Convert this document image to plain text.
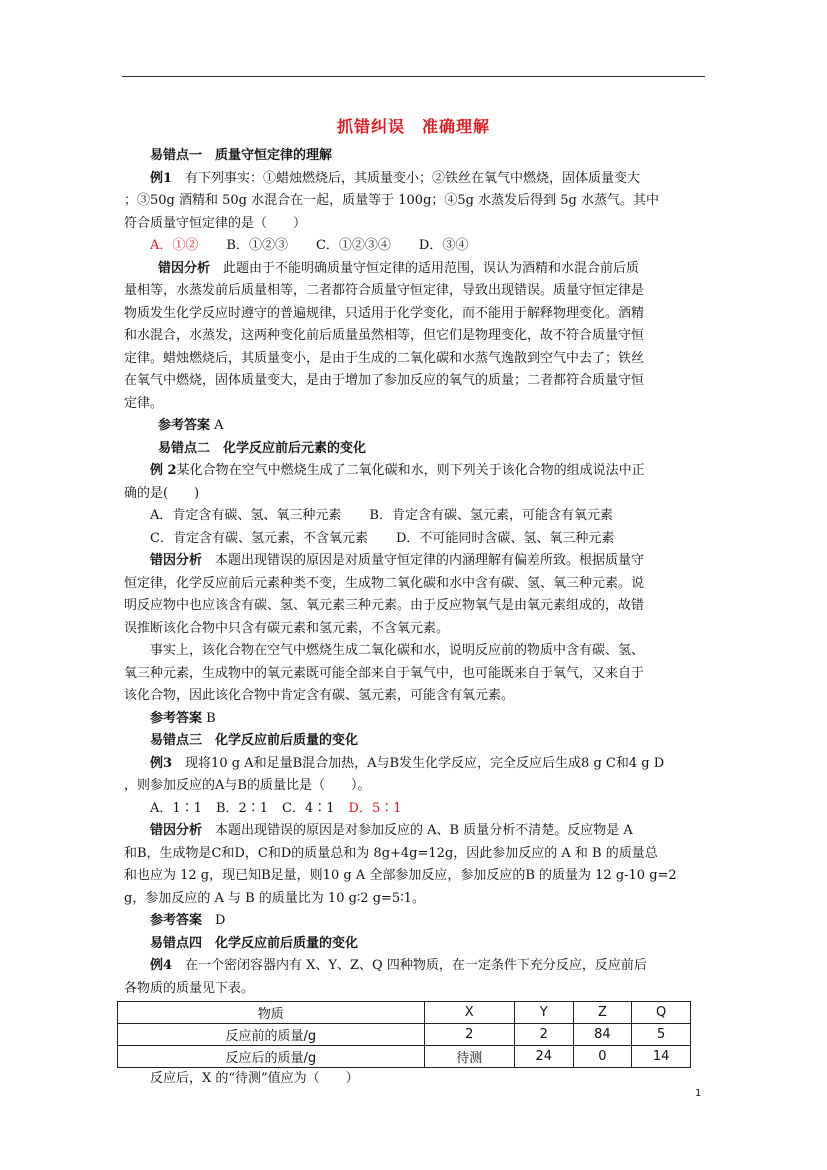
抓错纠误　准确理解
易错点一　质量守恒定律的理解
例1　有下列事实：①蜡烛燃烧后，其质量变小；②铁丝在氧气中燃烧，固体质量变大
；③50g 酒精和 50g 水混合在一起，质量等于 100g；④5g 水蒸发后得到 5g 水蒸气。其中
符合质量守恒定律的是（　　）
A．①② B．①②③ C．①②③④ D．③④
错因分析　此题由于不能明确质量守恒定律的适用范围，误认为酒精和水混合前后质
量相等，水蒸发前后质量相等，二者都符合质量守恒定律，导致出现错误。质量守恒定律是
物质发生化学反应时遵守的普遍规律，只适用于化学变化，而不能用于解释物理变化。酒精
和水混合，水蒸发，这两种变化前后质量虽然相等，但它们是物理变化，故不符合质量守恒
定律。蜡烛燃烧后，其质量变小，是由于生成的二氧化碳和水蒸气逸散到空气中去了；铁丝
在氧气中燃烧，固体质量变大，是由于增加了参加反应的氧气的质量；二者都符合质量守恒
定律。
参考答案 A
易错点二　化学反应前后元素的变化
例 2某化合物在空气中燃烧生成了二氧化碳和水，则下列关于该化合物的组成说法中正
确的是(　　)
A．肯定含有碳、氢、氧三种元素 B．肯定含有碳、氢元素，可能含有氧元素
C．肯定含有碳、氢元素，不含氧元素 D．不可能同时含碳、氢、氧三种元素
错因分析　本题出现错误的原因是对质量守恒定律的内涵理解有偏差所致。根据质量守
恒定律，化学反应前后元素种类不变，生成物二氧化碳和水中含有碳、氢、氧三种元素。说
明反应物中也应该含有碳、氢、氧元素三种元素。由于反应物氧气是由氧元素组成的，故错
误推断该化合物中只含有碳元素和氢元素，不含氧元素。
事实上，该化合物在空气中燃烧生成二氧化碳和水，说明反应前的物质中含有碳、氢、
氧三种元素，生成物中的氧元素既可能全部来自于氧气中，也可能既来自于氧气，又来自于
该化合物，因此该化合物中肯定含有碳、氢元素，可能含有氧元素。
参考答案 B
易错点三　化学反应前后质量的变化
例3　现将10 g A和足量B混合加热，A与B发生化学反应，完全反应后生成8 g C和4 g D
，则参加反应的A与B的质量比是（　　）。
A．1∶1 B．2∶1 C．4∶1 D．5∶1
错因分析　本题出现错误的原因是对参加反应的 A、B 质量分析不清楚。反应物是 A
和B，生成物是C和D，C和D的质量总和为 8g+4g=12g，因此参加反应的 A 和 B 的质量总
和也应为 12 g，现已知B足量，则10 g A 全部参加反应，参加反应的B 的质量为 12 g-10 g=2
g，参加反应的 A 与 B 的质量比为 10 g∶2 g=5∶1。
参考答案　D
易错点四　化学反应前后质量的变化
例4　在一个密闭容器内有 X、Y、Z、Q 四种物质，在一定条件下充分反应，反应前后
各物质的质量见下表。
物质	X	Y	Z	Q
反应前的质量/g	2	2	84	5
反应后的质量/g	待测	24	0	14
反应后，X 的“待测”值应为（　　）
1
